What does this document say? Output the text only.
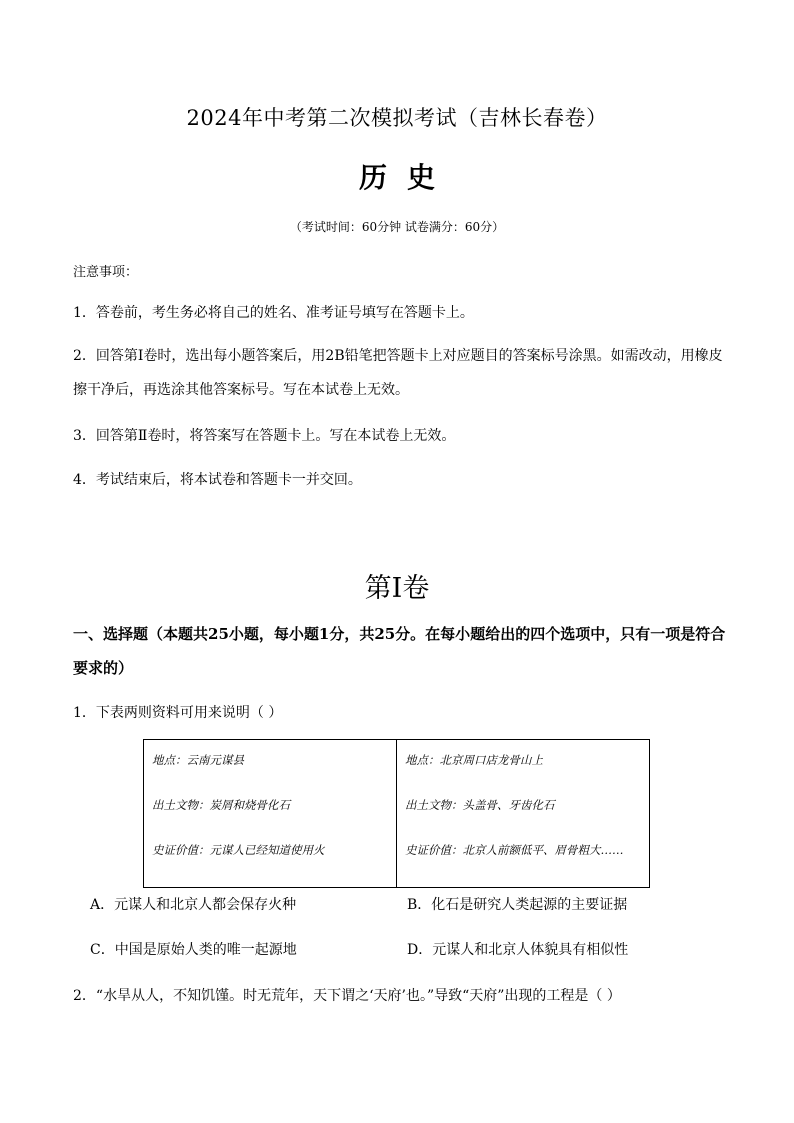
2024年中考第二次模拟考试（吉林长春卷）
历史
（考试时间：60分钟 试卷满分：60分）
注意事项：
1．答卷前，考生务必将自己的姓名、准考证号填写在答题卡上。
2．回答第Ⅰ卷时，选出每小题答案后，用2B铅笔把答题卡上对应题目的答案标号涂黑。如需改动，用橡皮擦干净后，再选涂其他答案标号。写在本试卷上无效。
3．回答第Ⅱ卷时，将答案写在答题卡上。写在本试卷上无效。
4．考试结束后，将本试卷和答题卡一并交回。
第Ⅰ卷
一、选择题（本题共25小题，每小题1分，共25分。在每小题给出的四个选项中，只有一项是符合要求的）
1．下表两则资料可用来说明（ ）
地点：云南元谋县
出土文物：炭屑和烧骨化石
史证价值：元谋人已经知道使用火

地点：北京周口店龙骨山上
出土文物：头盖骨、牙齿化石
史证价值：北京人前额低平、眉骨粗大……
A．元谋人和北京人都会保存火种	B．化石是研究人类起源的主要证据
C．中国是原始人类的唯一起源地	D．元谋人和北京人体貌具有相似性
2．“水旱从人，不知饥馑。时无荒年，天下谓之‘天府’也。”导致“天府”出现的工程是（ ）
